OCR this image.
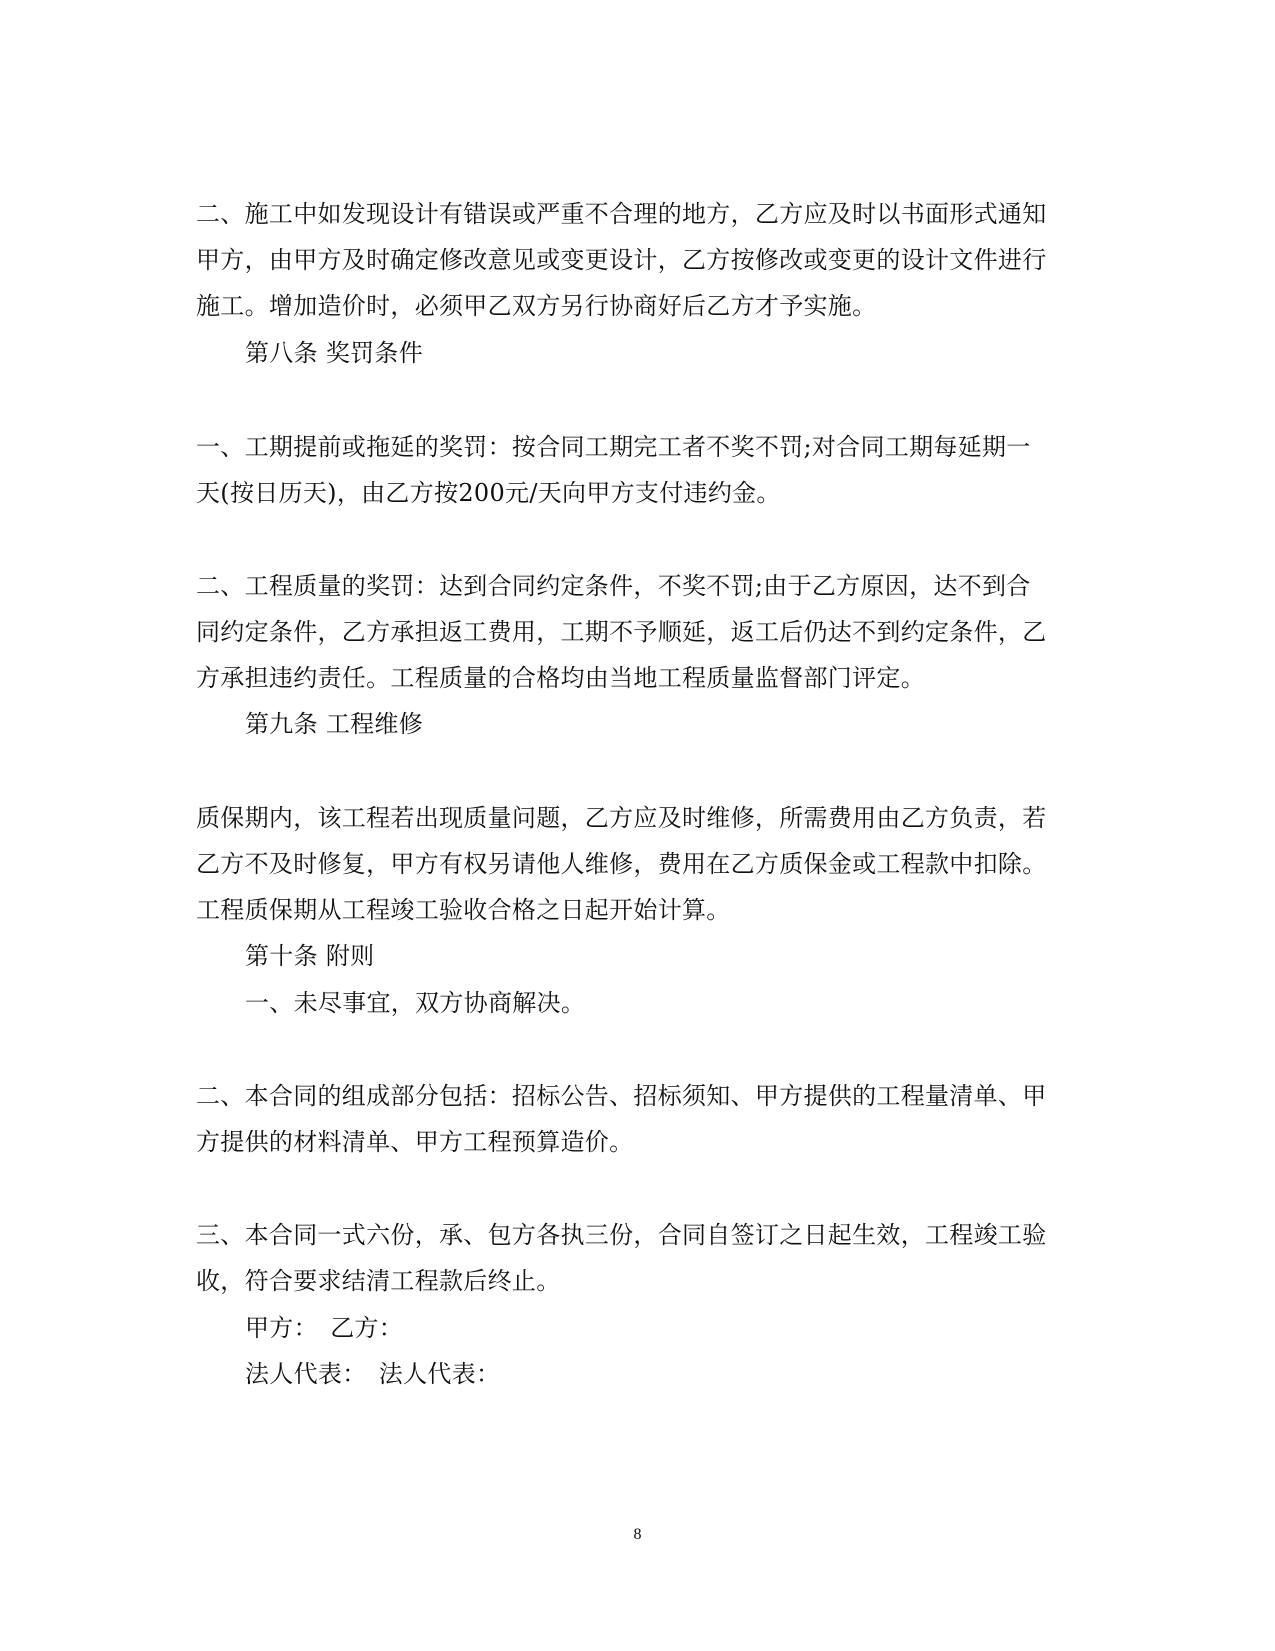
二、施工中如发现设计有错误或严重不合理的地方，乙方应及时以书面形式通知
甲方，由甲方及时确定修改意见或变更设计，乙方按修改或变更的设计文件进行
施工。增加造价时，必须甲乙双方另行协商好后乙方才予实施。
第八条 奖罚条件
一、工期提前或拖延的奖罚：按合同工期完工者不奖不罚;对合同工期每延期一
天(按日历天)，由乙方按200元/天向甲方支付违约金。
二、工程质量的奖罚：达到合同约定条件，不奖不罚;由于乙方原因，达不到合
同约定条件，乙方承担返工费用，工期不予顺延，返工后仍达不到约定条件，乙
方承担违约责任。工程质量的合格均由当地工程质量监督部门评定。
第九条 工程维修
质保期内，该工程若出现质量问题，乙方应及时维修，所需费用由乙方负责，若
乙方不及时修复，甲方有权另请他人维修，费用在乙方质保金或工程款中扣除。
工程质保期从工程竣工验收合格之日起开始计算。
第十条 附则
一、未尽事宜，双方协商解决。
二、本合同的组成部分包括：招标公告、招标须知、甲方提供的工程量清单、甲
方提供的材料清单、甲方工程预算造价。
三、本合同一式六份，承、包方各执三份，合同自签订之日起生效，工程竣工验
收，符合要求结清工程款后终止。
甲方：　乙方：
法人代表：　法人代表：
8
